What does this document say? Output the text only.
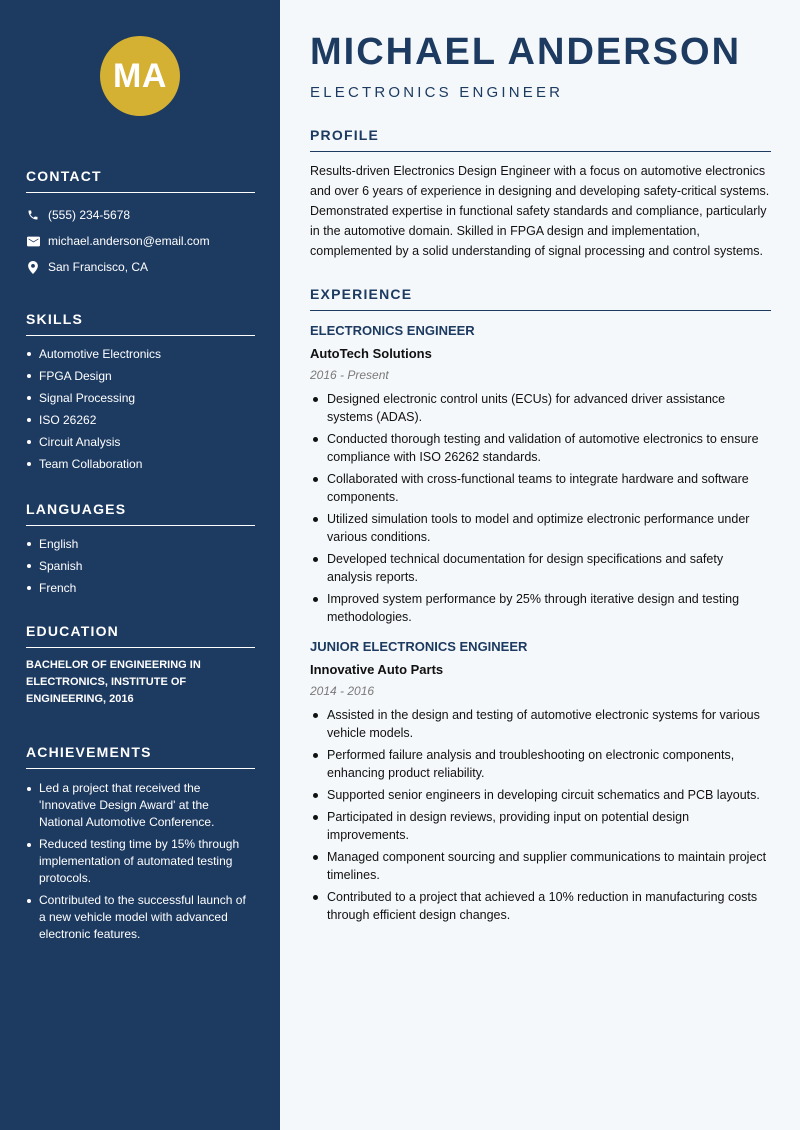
MA
CONTACT
(555) 234-5678
michael.anderson@email.com
San Francisco, CA
SKILLS
Automotive Electronics
FPGA Design
Signal Processing
ISO 26262
Circuit Analysis
Team Collaboration
LANGUAGES
English
Spanish
French
EDUCATION
BACHELOR OF ENGINEERING IN ELECTRONICS, INSTITUTE OF ENGINEERING, 2016
ACHIEVEMENTS
Led a project that received the 'Innovative Design Award' at the National Automotive Conference.
Reduced testing time by 15% through implementation of automated testing protocols.
Contributed to the successful launch of a new vehicle model with advanced electronic features.
MICHAEL ANDERSON
ELECTRONICS ENGINEER
PROFILE
Results-driven Electronics Design Engineer with a focus on automotive electronics and over 6 years of experience in designing and developing safety-critical systems. Demonstrated expertise in functional safety standards and compliance, particularly in the automotive domain. Skilled in FPGA design and implementation, complemented by a solid understanding of signal processing and control systems.
EXPERIENCE
ELECTRONICS ENGINEER
AutoTech Solutions
2016 - Present
Designed electronic control units (ECUs) for advanced driver assistance systems (ADAS).
Conducted thorough testing and validation of automotive electronics to ensure compliance with ISO 26262 standards.
Collaborated with cross-functional teams to integrate hardware and software components.
Utilized simulation tools to model and optimize electronic performance under various conditions.
Developed technical documentation for design specifications and safety analysis reports.
Improved system performance by 25% through iterative design and testing methodologies.
JUNIOR ELECTRONICS ENGINEER
Innovative Auto Parts
2014 - 2016
Assisted in the design and testing of automotive electronic systems for various vehicle models.
Performed failure analysis and troubleshooting on electronic components, enhancing product reliability.
Supported senior engineers in developing circuit schematics and PCB layouts.
Participated in design reviews, providing input on potential design improvements.
Managed component sourcing and supplier communications to maintain project timelines.
Contributed to a project that achieved a 10% reduction in manufacturing costs through efficient design changes.
